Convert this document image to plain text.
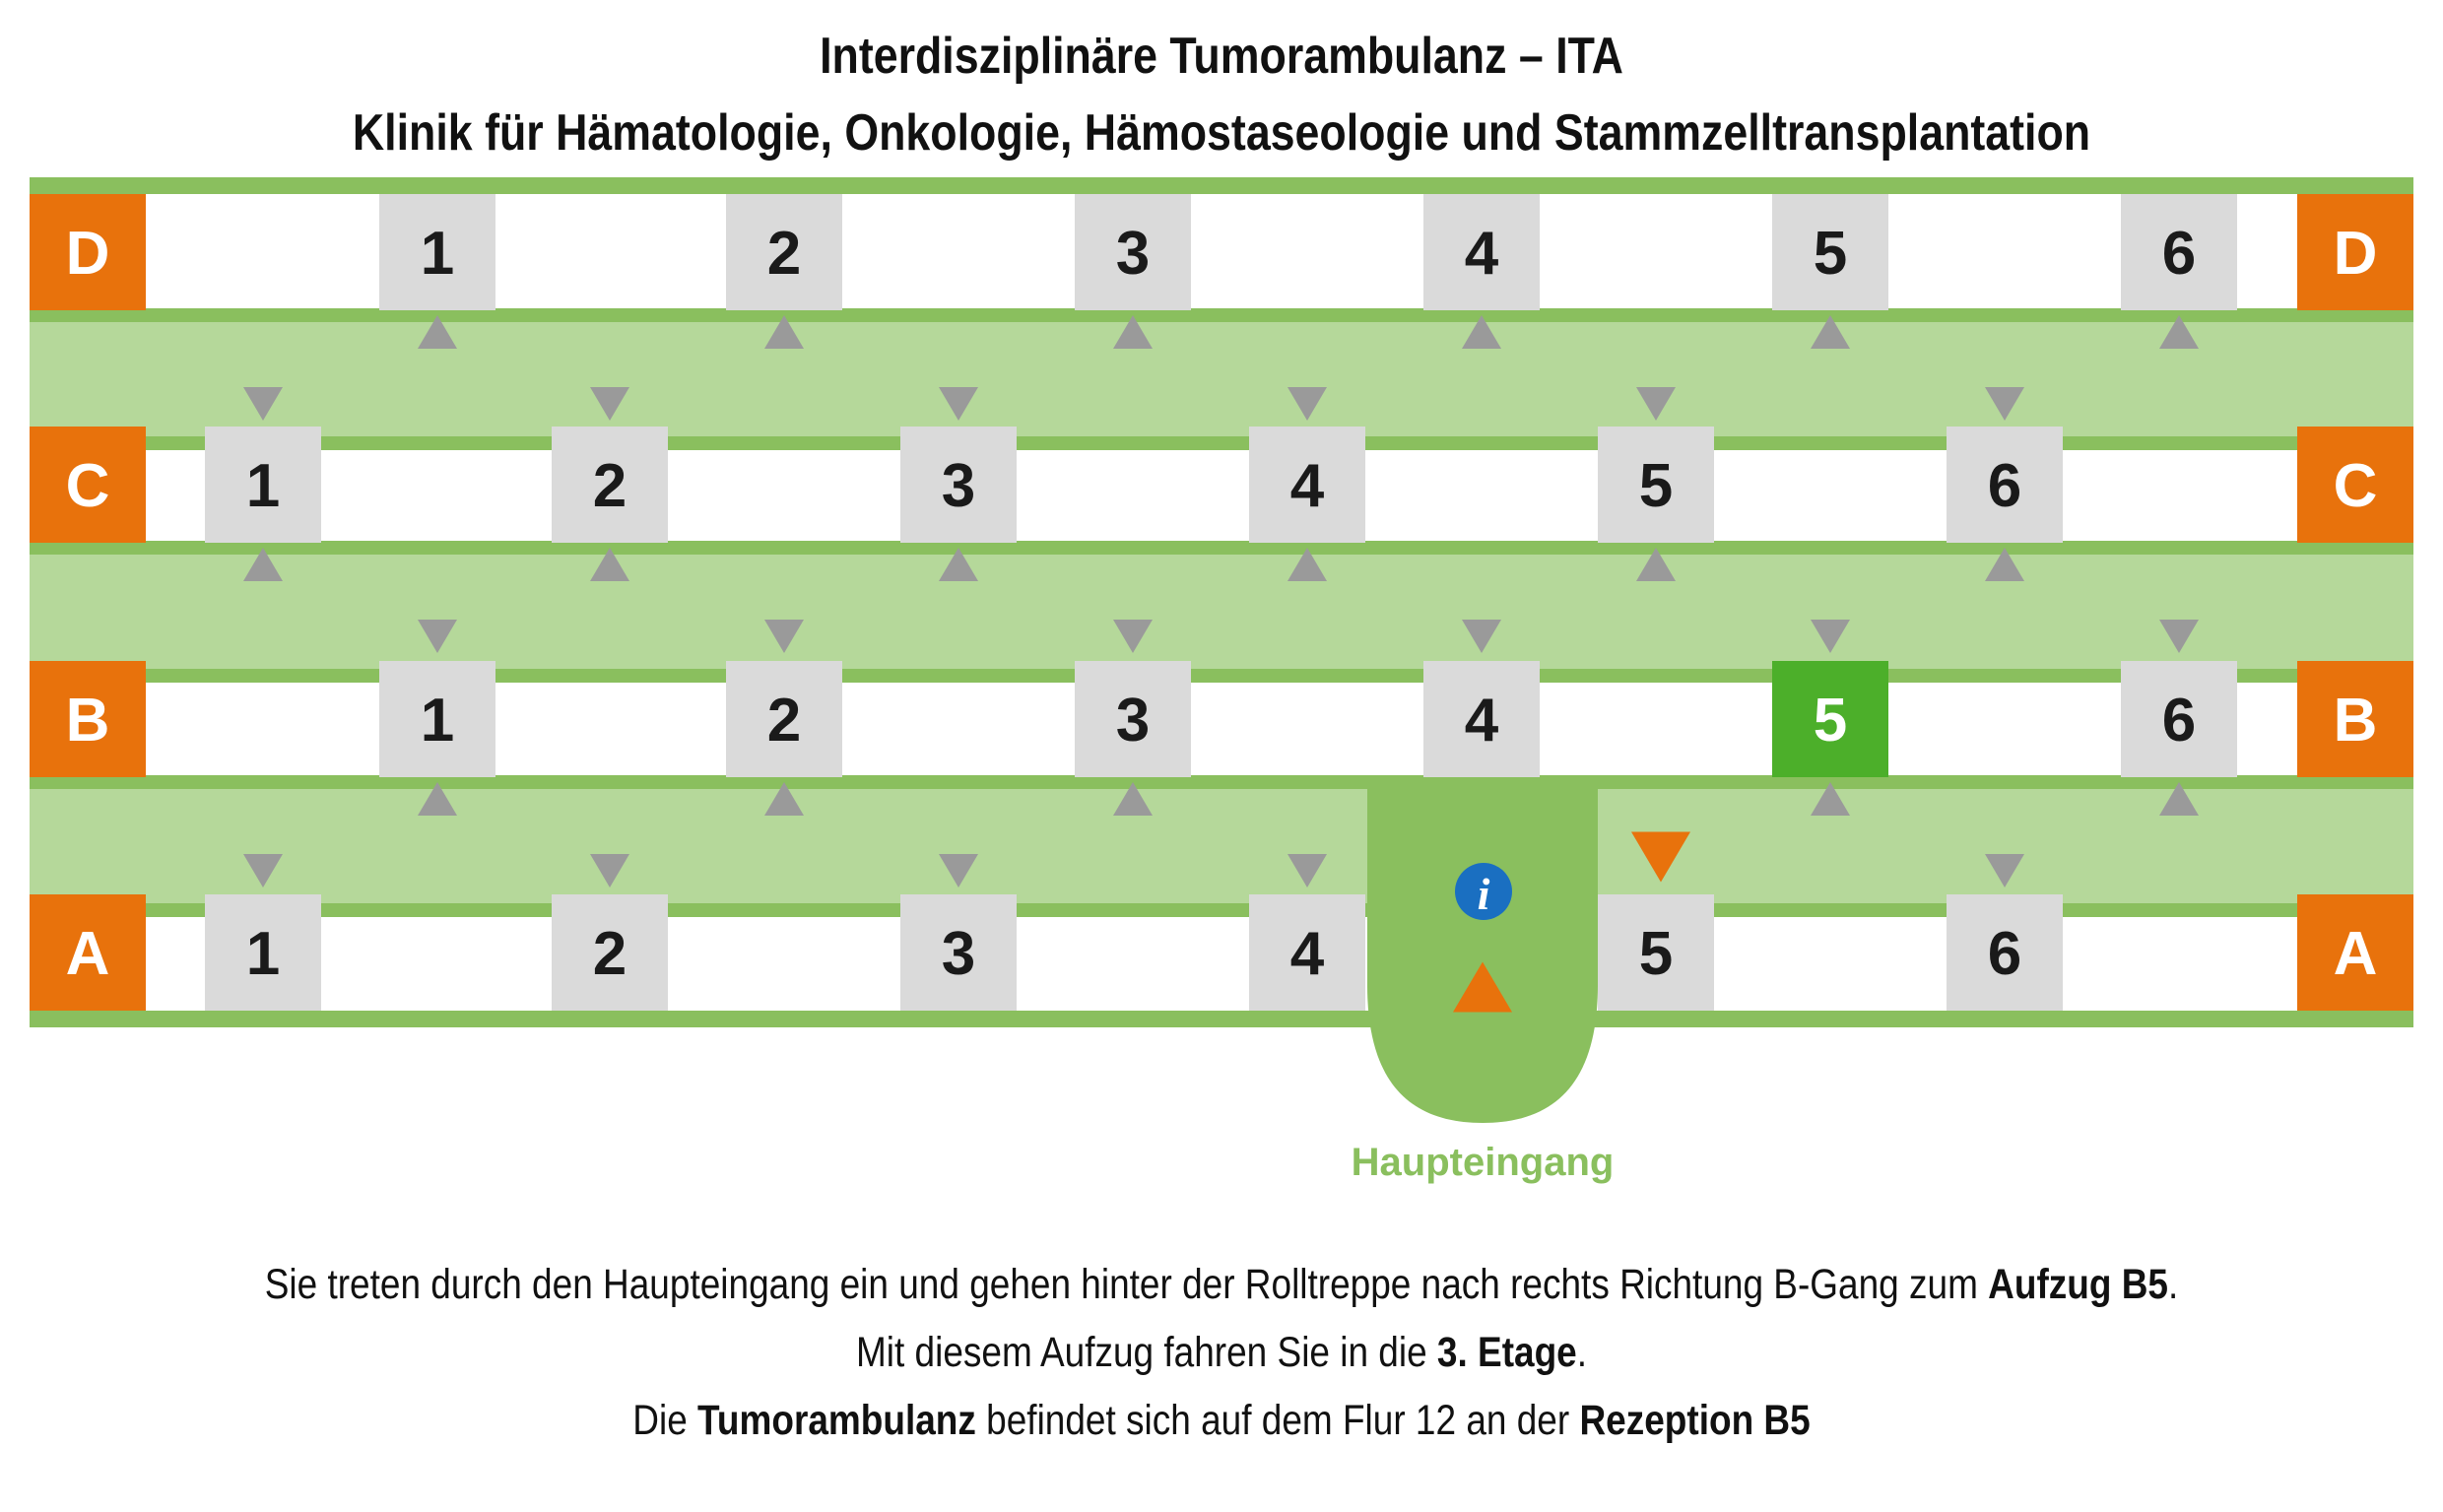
Interdisziplinäre Tumorambulanz – ITA
Klinik für Hämatologie, Onkologie, Hämostaseologie und Stammzelltransplantation
D	D
1	2	3	4	5	6
C	C
1	2	3	4	5	6
B	B
1	2	3	4	5	6
A	A
1	2	3	4	5	6
i
Haupteingang
Sie treten durch den Haupteingang ein und gehen hinter der Rolltreppe nach rechts Richtung B-Gang zum Aufzug B5.
Mit diesem Aufzug fahren Sie in die 3. Etage.
Die Tumorambulanz befindet sich auf dem Flur 12 an der Rezeption B5
